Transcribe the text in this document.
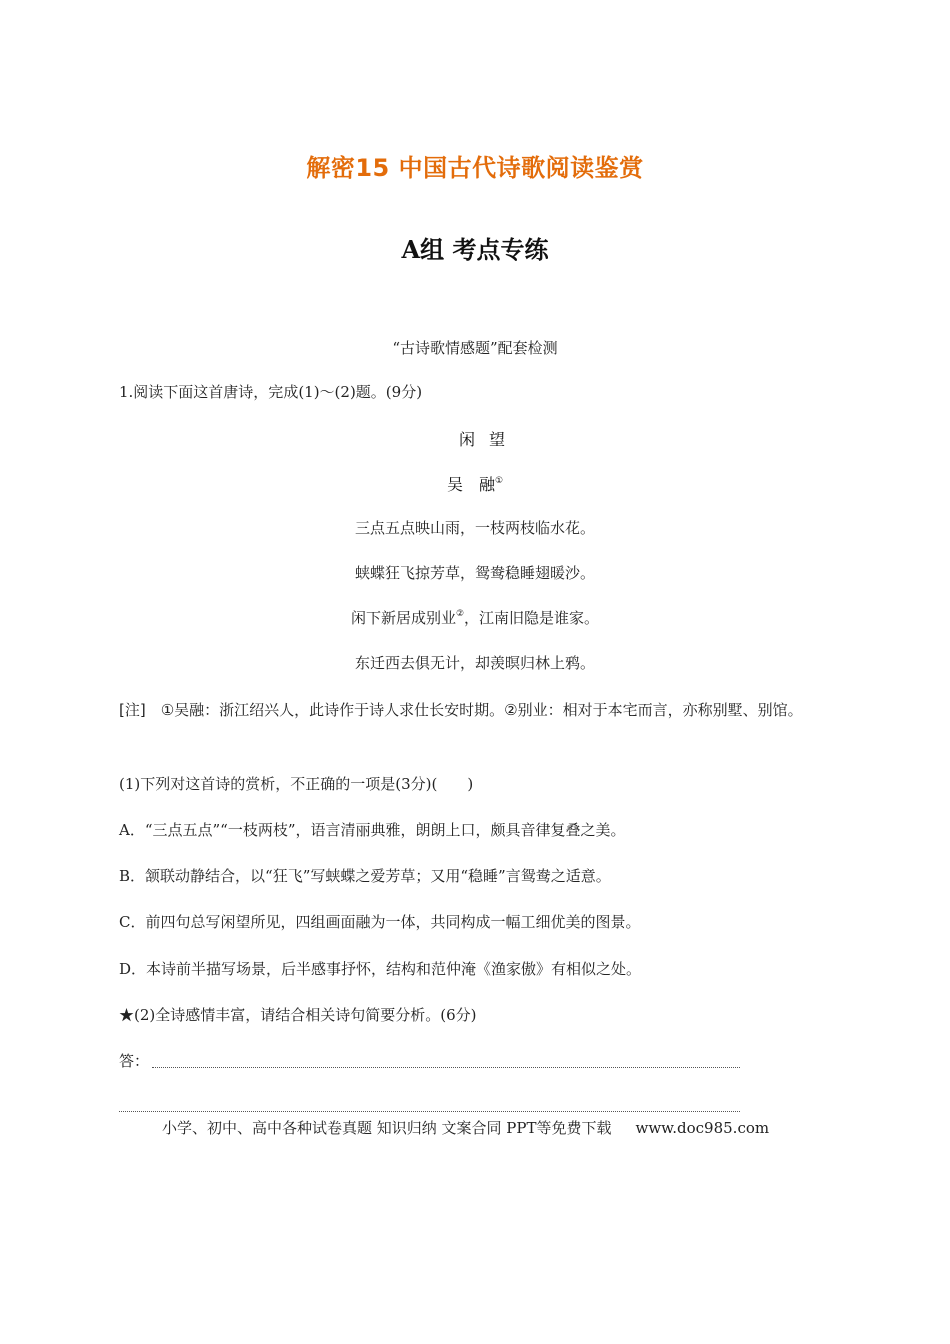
解密15 中国古代诗歌阅读鉴赏
A组 考点专练
“古诗歌情感题”配套检测
1.阅读下面这首唐诗，完成(1)～(2)题。(9分)
闲望
吴 融①
三点五点映山雨，一枝两枝临水花。
蛱蝶狂飞掠芳草，鸳鸯稳睡翅暖沙。
闲下新居成别业②，江南旧隐是谁家。
东迁西去俱无计，却羡暝归林上鸦。
[注]　①吴融：浙江绍兴人，此诗作于诗人求仕长安时期。②别业：相对于本宅而言，亦称别墅、别馆。
(1)下列对这首诗的赏析，不正确的一项是(3分)(　　)
A．“三点五点”“一枝两枝”，语言清丽典雅，朗朗上口，颇具音律复叠之美。
B．颔联动静结合，以“狂飞”写蛱蝶之爱芳草；又用“稳睡”言鸳鸯之适意。
C．前四句总写闲望所见，四组画面融为一体，共同构成一幅工细优美的图景。
D．本诗前半描写场景，后半感事抒怀，结构和范仲淹《渔家傲》有相似之处。
★(2)全诗感情丰富，请结合相关诗句简要分析。(6分)
答：
小学、初中、高中各种试卷真题 知识归纳 文案合同 PPT等免费下载 www.doc985.com
